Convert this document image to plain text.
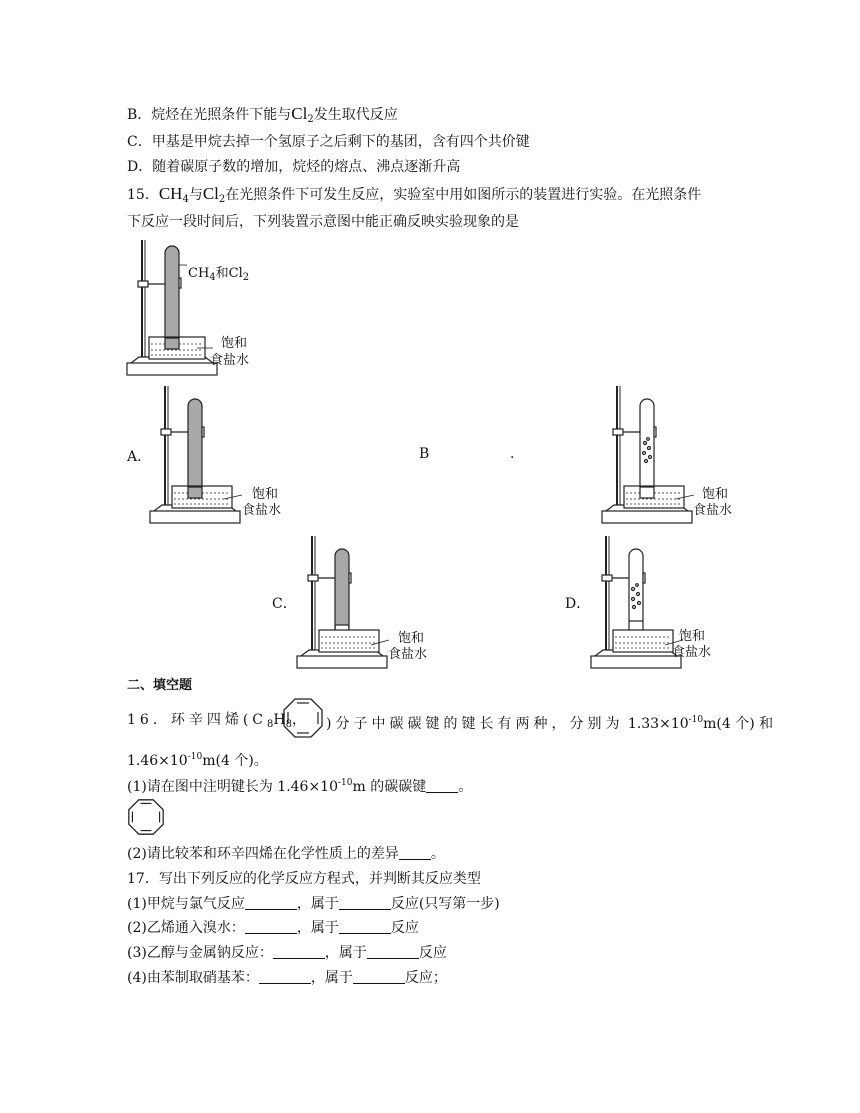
B．烷烃在光照条件下能与$Cl_2$发生取代反应
C．甲基是甲烷去掉一个氢原子之后剩下的基团，含有四个共价键
D．随着碳原子数的增加，烷烃的熔点、沸点逐渐升高
15．$CH_4$与$Cl_2$在光照条件下可发生反应，实验室中用如图所示的装置进行实验。在光照条件
下反应一段时间后，下列装置示意图中能正确反映实验现象的是
$CH_4$和$Cl_2$
饱和
食盐水
A．
饱和
食盐水
B	.
饱和
食盐水
C．
饱和
食盐水
D．
饱和
食盐水
二、填空题
16．环辛四烯($C_8H_8$， )分子中碳碳键的键长有两种，分别为 $1.33\times 10^{-10}m(4$ 个) 和
$1.46\times 10^{-10}m(4$ 个)。
(1)请在图中注明键长为 $1.46\times 10^{-10}m$ 的碳碳键 。
(2)请比较苯和环辛四烯在化学性质上的差异 。
17．写出下列反应的化学反应方程式，并判断其反应类型
(1)甲烷与氯气反应	，属于	反应(只写第一步)
(2)乙烯通入溴水：	，属于	反应
(3)乙醇与金属钠反应：	，属于	反应
(4)由苯制取硝基苯：	，属于	反应；
